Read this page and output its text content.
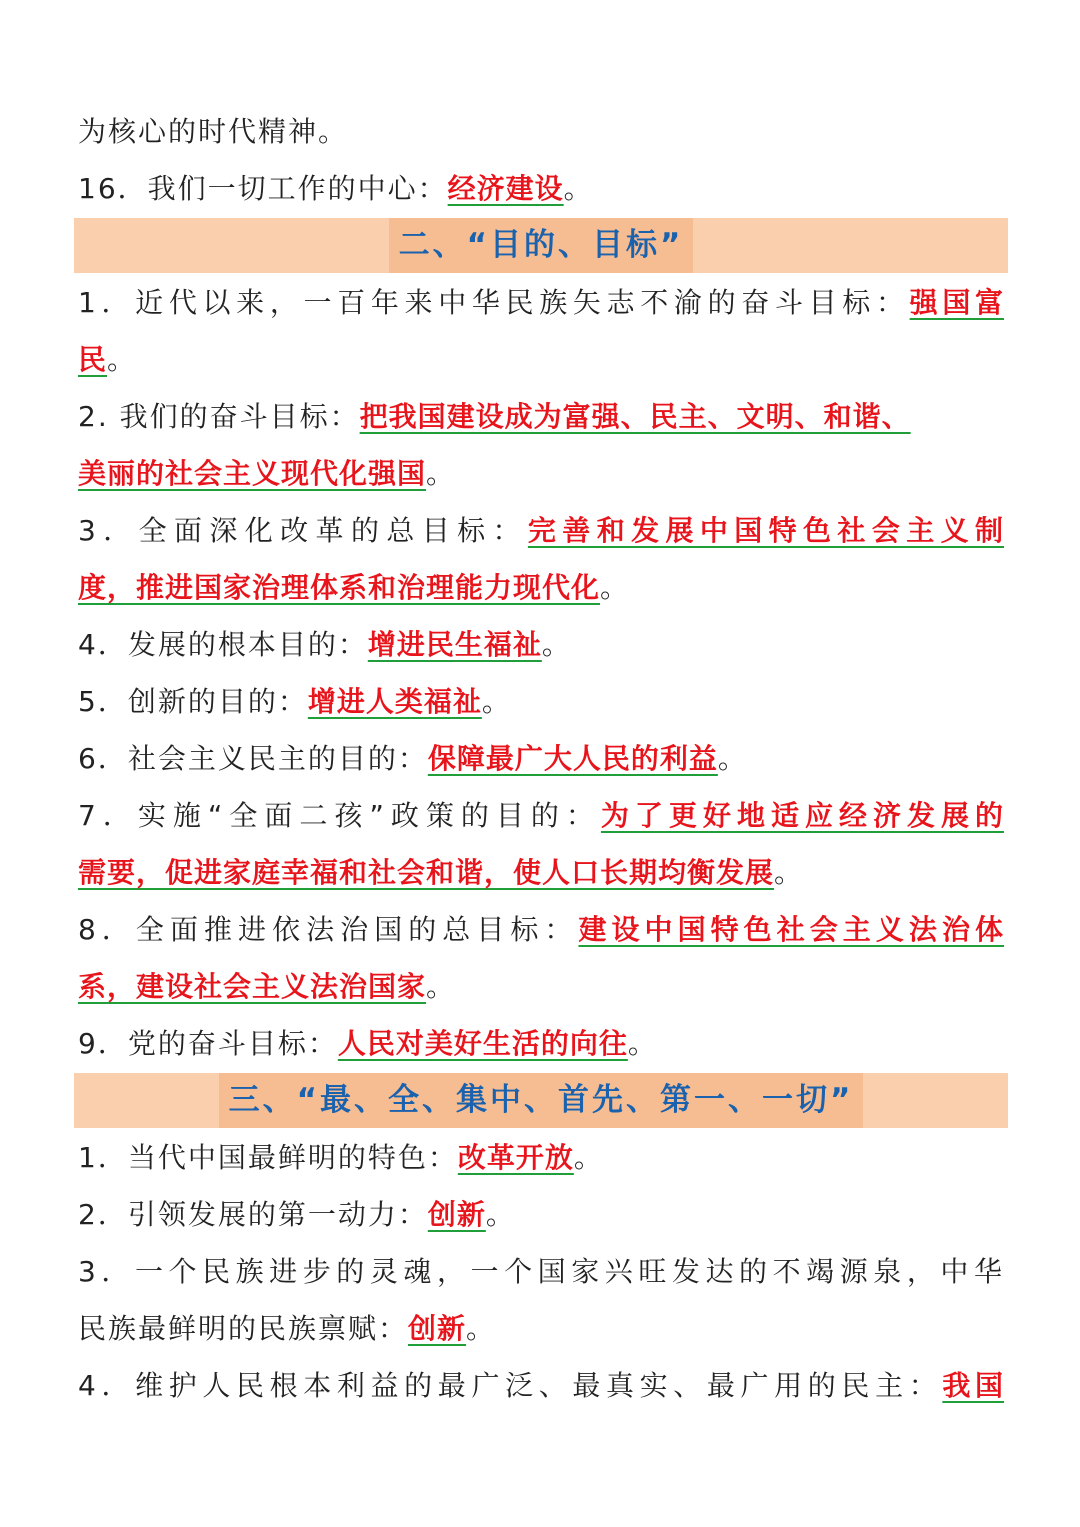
为核心的时代精神。
16．我们一切工作的中心：经济建设。
二、“目的、目标”
1．近代以来，一百年来中华民族矢志不渝的奋斗目标：强国富
民。
2. 我们的奋斗目标：把我国建设成为富强、民主、文明、和谐、
美丽的社会主义现代化强国。
3．全面深化改革的总目标：完善和发展中国特色社会主义制
度，推进国家治理体系和治理能力现代化。
4．发展的根本目的：增进民生福祉。
5．创新的目的：增进人类福祉。
6．社会主义民主的目的：保障最广大人民的利益。
7．实施“全面二孩”政策的目的：为了更好地适应经济发展的
需要，促进家庭幸福和社会和谐，使人口长期均衡发展。
8．全面推进依法治国的总目标：建设中国特色社会主义法治体
系，建设社会主义法治国家。
9．党的奋斗目标：人民对美好生活的向往。
三、“最、全、集中、首先、第一、一切”
1．当代中国最鲜明的特色：改革开放。
2．引领发展的第一动力：创新。
3．一个民族进步的灵魂，一个国家兴旺发达的不竭源泉，中华
民族最鲜明的民族禀赋：创新。
4．维护人民根本利益的最广泛、最真实、最广用的民主：我国
